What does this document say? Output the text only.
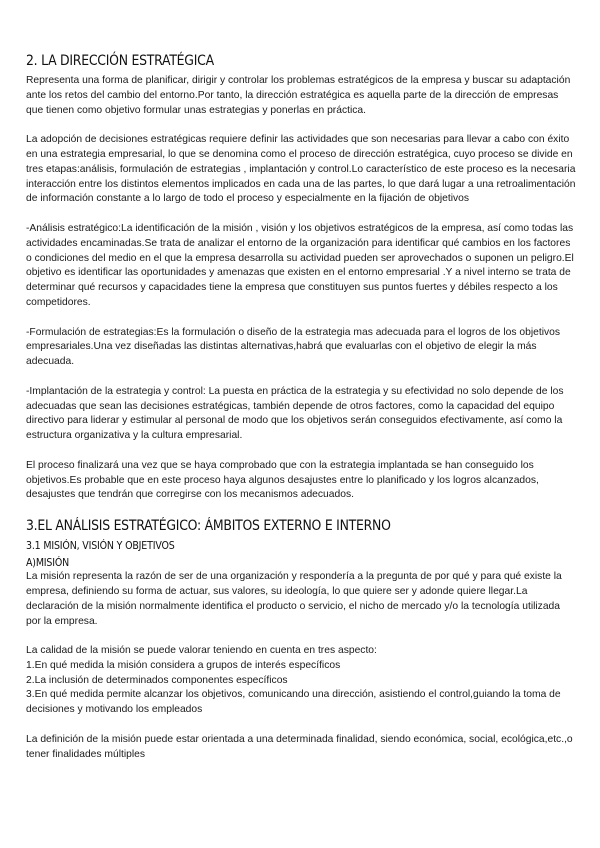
2. LA DIRECCIÓN ESTRATÉGICA

Representa una forma de planificar, dirigir y controlar los problemas estratégicos de la empresa y buscar su adaptación ante los retos del cambio del entorno.Por tanto, la dirección estratégica es aquella parte de la dirección de empresas que tienen como objetivo formular unas estrategias y ponerlas en práctica.

La adopción de decisiones estratégicas requiere definir las actividades que son necesarias para llevar a cabo con éxito en una estrategia empresarial, lo que se denomina como el proceso de dirección estratégica, cuyo proceso se divide en tres etapas:análisis, formulación de estrategias , implantación y control.Lo característico de este proceso es la necesaria interacción entre los distintos elementos implicados en cada una de las partes, lo que dará lugar a una retroalimentación de información constante a lo largo de todo el proceso y especialmente en la fijación de objetivos

-Análisis estratégico:La identificación de la misión , visión y los objetivos estratégicos de la empresa, así como todas las actividades encaminadas.Se trata de analizar el entorno de la organización para identificar qué cambios en los factores o condiciones del medio en el que la empresa desarrolla su actividad pueden ser aprovechados o suponen un peligro.El objetivo es identificar las oportunidades y amenazas que existen en el entorno empresarial .Y a nivel interno se trata de determinar qué recursos y capacidades tiene la empresa que constituyen sus puntos fuertes y débiles respecto a los competidores.

-Formulación de estrategias:Es la formulación o diseño de la estrategia mas adecuada para el logros de los objetivos empresariales.Una vez diseñadas las distintas alternativas,habrá que evaluarlas con el objetivo de elegir la más adecuada.

-Implantación de la estrategia y control: La puesta en práctica de la estrategia y su efectividad no solo depende de los adecuadas que sean las decisiones estratégicas, también depende de otros factores, como la capacidad del equipo directivo para liderar y estimular al personal de modo que los objetivos serán conseguidos efectivamente, así como la estructura organizativa y la cultura empresarial.

El proceso finalizará una vez que se haya comprobado que con la estrategia implantada se han conseguido los objetivos.Es probable que en este proceso haya algunos desajustes entre lo planificado y los logros alcanzados, desajustes que tendrán que corregirse con los mecanismos adecuados.

3.EL ANÁLISIS ESTRATÉGICO: ÁMBITOS EXTERNO E INTERNO
3.1 MISIÓN, VISIÓN Y OBJETIVOS
A)MISIÓN

La misión representa la razón de ser de una organización y respondería a la pregunta de por qué y para qué existe la empresa, definiendo su forma de actuar, sus valores, su ideología, lo que quiere ser y adonde quiere llegar.La declaración de la misión normalmente identifica el producto o servicio, el nicho de mercado y/o la tecnología utilizada por la empresa.

La calidad de la misión se puede valorar teniendo en cuenta en tres aspecto:

1.En qué medida la misión considera a grupos de interés específicos

2.La inclusión de determinados componentes específicos

3.En qué medida permite alcanzar los objetivos, comunicando una dirección, asistiendo el control,guiando la toma de decisiones y motivando los empleados

La definición de la misión puede estar orientada a una determinada finalidad, siendo económica, social, ecológica,etc.,o tener finalidades múltiples
